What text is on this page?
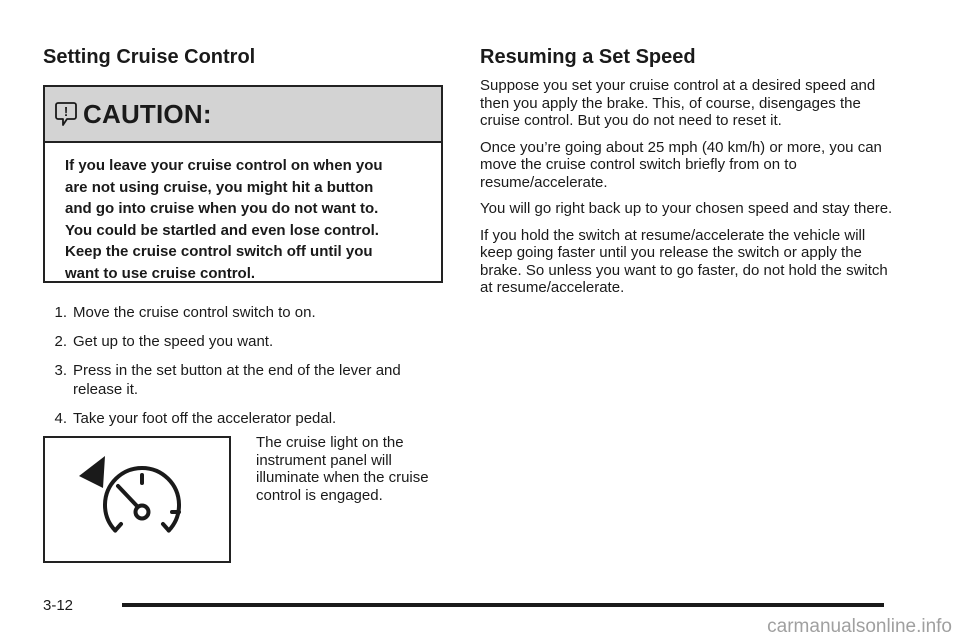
Setting Cruise Control
! CAUTION:
If you leave your cruise control on when you
are not using cruise, you might hit a button
and go into cruise when you do not want to.
You could be startled and even lose control.
Keep the cruise control switch off until you
want to use cruise control.
1. Move the cruise control switch to on.
2. Get up to the speed you want.
3. Press in the set button at the end of the lever and release it.
4. Take your foot off the accelerator pedal.
The cruise light on the instrument panel will illuminate when the cruise control is engaged.
Resuming a Set Speed

Suppose you set your cruise control at a desired speed and then you apply the brake. This, of course, disengages the cruise control. But you do not need to reset it.

Once you’re going about 25 mph (40 km/h) or more, you can move the cruise control switch briefly from on to resume/accelerate.

You will go right back up to your chosen speed and stay there.

If you hold the switch at resume/accelerate the vehicle will keep going faster until you release the switch or apply the brake. So unless you want to go faster, do not hold the switch at resume/accelerate.

3-12
carmanualsonline.info
